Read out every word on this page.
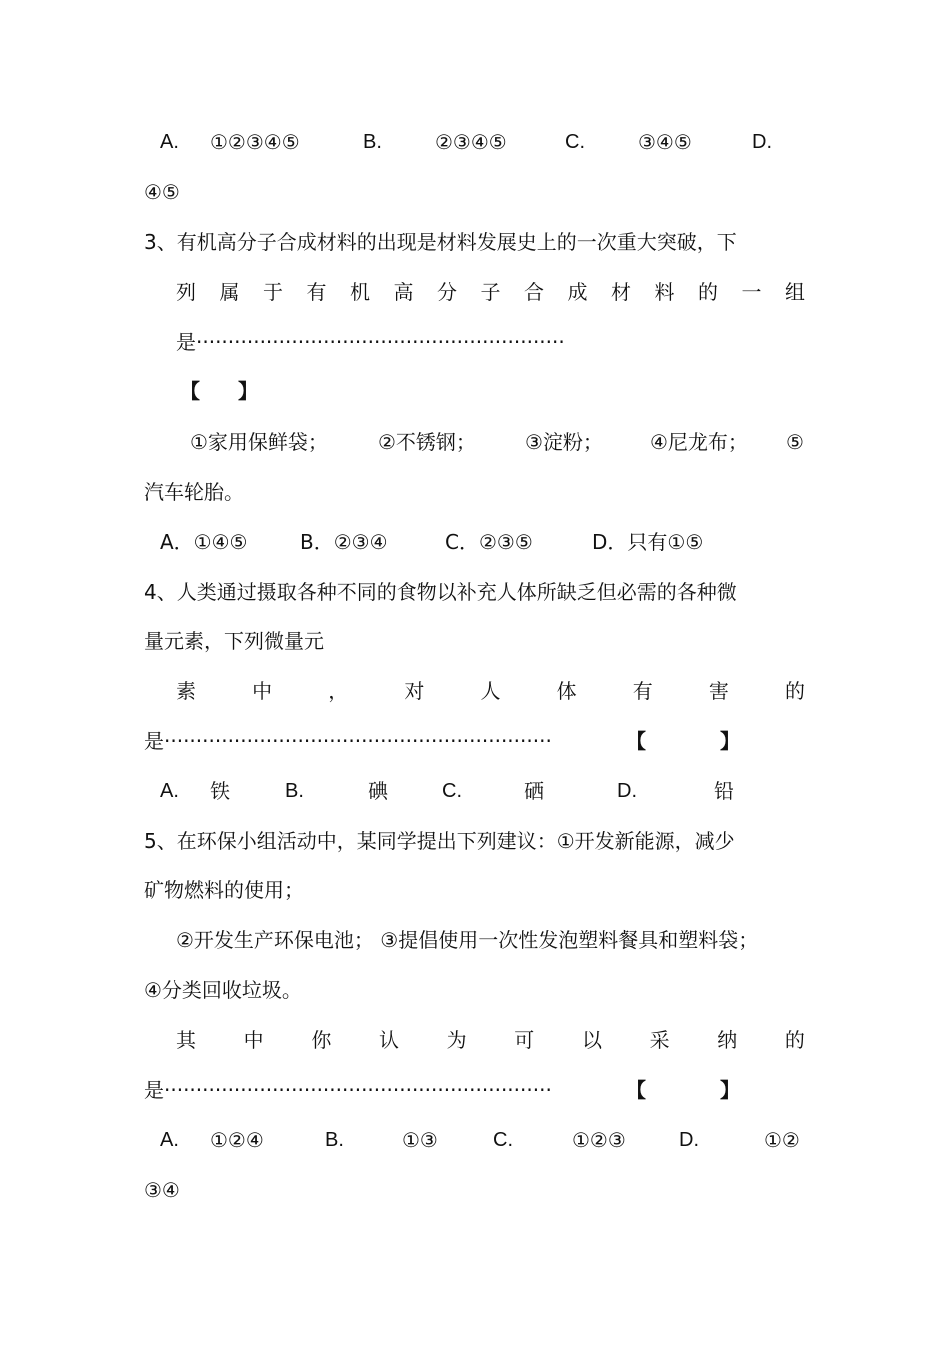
A. ①②③④⑤	B.	②③④⑤	C.	③④⑤	D.
④⑤
3、有机高分子合成材料的出现是材料发展史上的一次重大突破，下
列 属 于 有 机 高 分 子 合 成 材 料 的 一 组
是··························································
【 】
①家用保鲜袋；	②不锈钢； ③淀粉； ④尼龙布； ⑤
汽车轮胎。
A．①④⑤	B．②③④	C．②③⑤	D．只有①⑤
4、人类通过摄取各种不同的食物以补充人体所缺乏但必需的各种微
量元素，下列微量元
素	中	，	对	人	体	有	害	的
是·····························································	【	】
A. 铁	B.	碘	C.	硒	D.	铅
5、在环保小组活动中，某同学提出下列建议：①开发新能源，减少
矿物燃料的使用；
②开发生产环保电池； ③提倡使用一次性发泡塑料餐具和塑料袋；
④分类回收垃圾。
其 中 你 认 为 可 以 采 纳 的
是·····························································	【	】
A. ①②④	B.	①③	C.	①②③	D.	①②
③④
